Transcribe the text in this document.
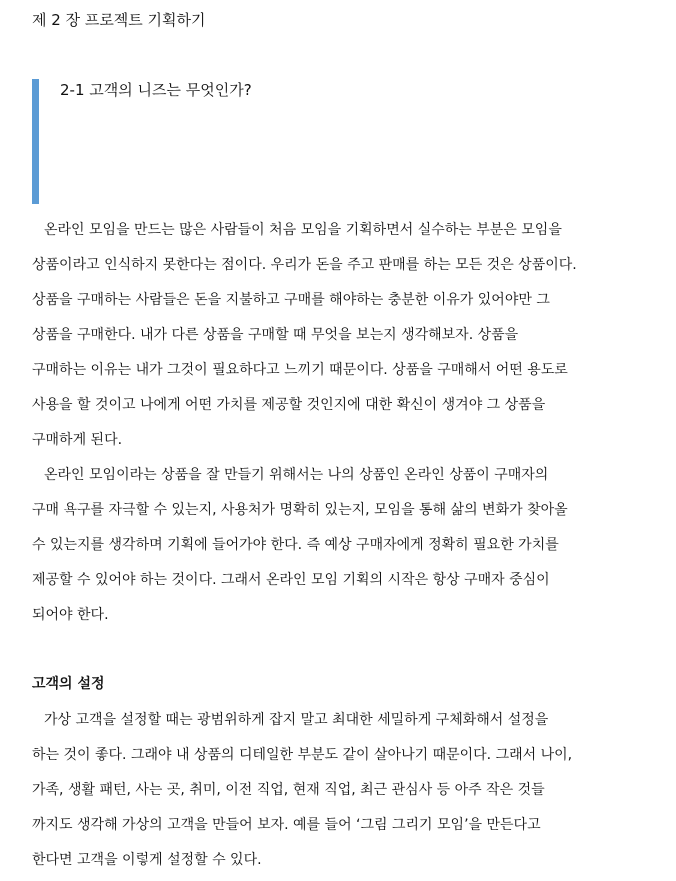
제 2 장 프로젝트 기획하기
2-1 고객의 니즈는 무엇인가?
온라인 모임을 만드는 많은 사람들이 처음 모임을 기획하면서 실수하는 부분은 모임을
상품이라고 인식하지 못한다는 점이다. 우리가 돈을 주고 판매를 하는 모든 것은 상품이다.
상품을 구매하는 사람들은 돈을 지불하고 구매를 해야하는 충분한 이유가 있어야만 그
상품을 구매한다. 내가 다른 상품을 구매할 때 무엇을 보는지 생각해보자. 상품을
구매하는 이유는 내가 그것이 필요하다고 느끼기 때문이다. 상품을 구매해서 어떤 용도로
사용을 할 것이고 나에게 어떤 가치를 제공할 것인지에 대한 확신이 생겨야 그 상품을
구매하게 된다.
온라인 모임이라는 상품을 잘 만들기 위해서는 나의 상품인 온라인 상품이 구매자의
구매 욕구를 자극할 수 있는지, 사용처가 명확히 있는지, 모임을 통해 삶의 변화가 찾아올
수 있는지를 생각하며 기획에 들어가야 한다. 즉 예상 구매자에게 정확히 필요한 가치를
제공할 수 있어야 하는 것이다. 그래서 온라인 모임 기획의 시작은 항상 구매자 중심이
되어야 한다.
고객의 설정
가상 고객을 설정할 때는 광범위하게 잡지 말고 최대한 세밀하게 구체화해서 설정을
하는 것이 좋다. 그래야 내 상품의 디테일한 부분도 같이 살아나기 때문이다. 그래서 나이,
가족, 생활 패턴, 사는 곳, 취미, 이전 직업, 현재 직업, 최근 관심사 등 아주 작은 것들
까지도 생각해 가상의 고객을 만들어 보자. 예를 들어 ‘그림 그리기 모임’을 만든다고
한다면 고객을 이렇게 설정할 수 있다.
